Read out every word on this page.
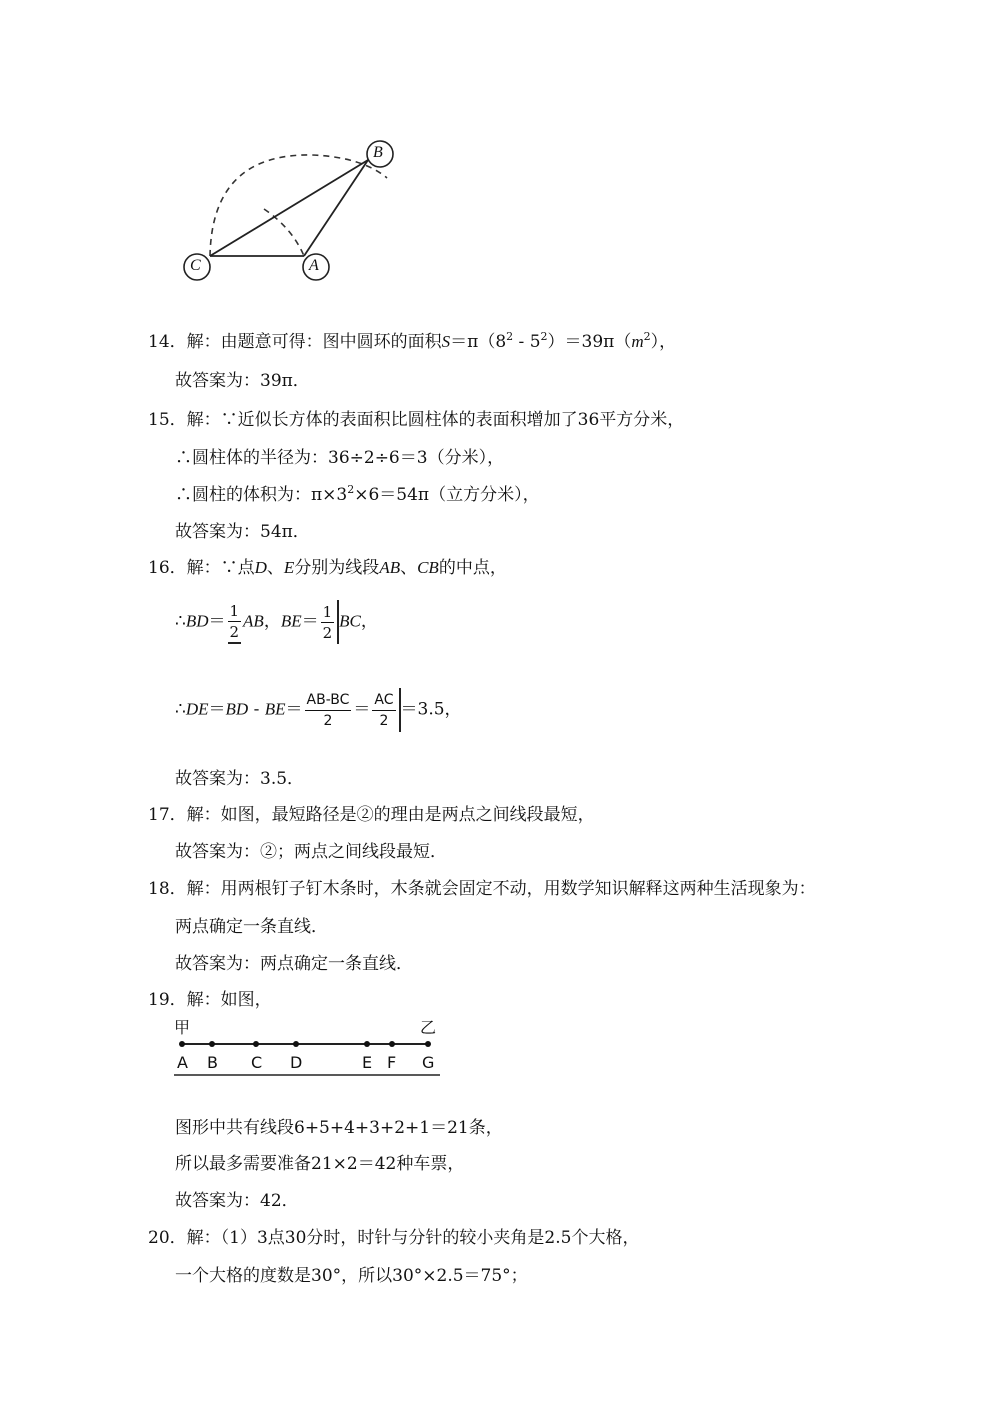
B
C	A
14．解：由题意可得：图中圆环的面积$S=\pi(8^2 - 5^2)=39\pi(m^2)$，
故答案为：39π．
15．解：∵近似长方体的表面积比圆柱体的表面积增加了36平方分米，
∴圆柱体的半径为：36÷2÷6＝3（分米），
∴圆柱的体积为：$\pi\times 3^2\times 6=54\pi$（立方分米），
故答案为：54π．
16．解：∵点D、E分别为线段AB、CB的中点，
∴BD＝ $\frac{1}{2}$ AB，$BE= \frac{1}{2}$ BC，
∴DE＝BD - $BE= \frac{AB-BC}{2} = \frac{AC}{2} =3.5$，
故答案为：3.5．
17．解：如图，最短路径是②的理由是两点之间线段最短，
故答案为：②；两点之间线段最短．
18．解：用两根钉子钉木条时，木条就会固定不动，用数学知识解释这两种生活现象为：
两点确定一条直线．
故答案为：两点确定一条直线．
19．解：如图，
甲	乙
A B C D	E F G
图形中共有线段6+5+4+3+2+1＝21条，
所以最多需要准备21×2＝42种车票，
故答案为：42．
20．解：（1）3点30分时，时针与分针的较小夹角是2.5个大格，
一个大格的度数是30°，所以30°×2.5＝75°；
